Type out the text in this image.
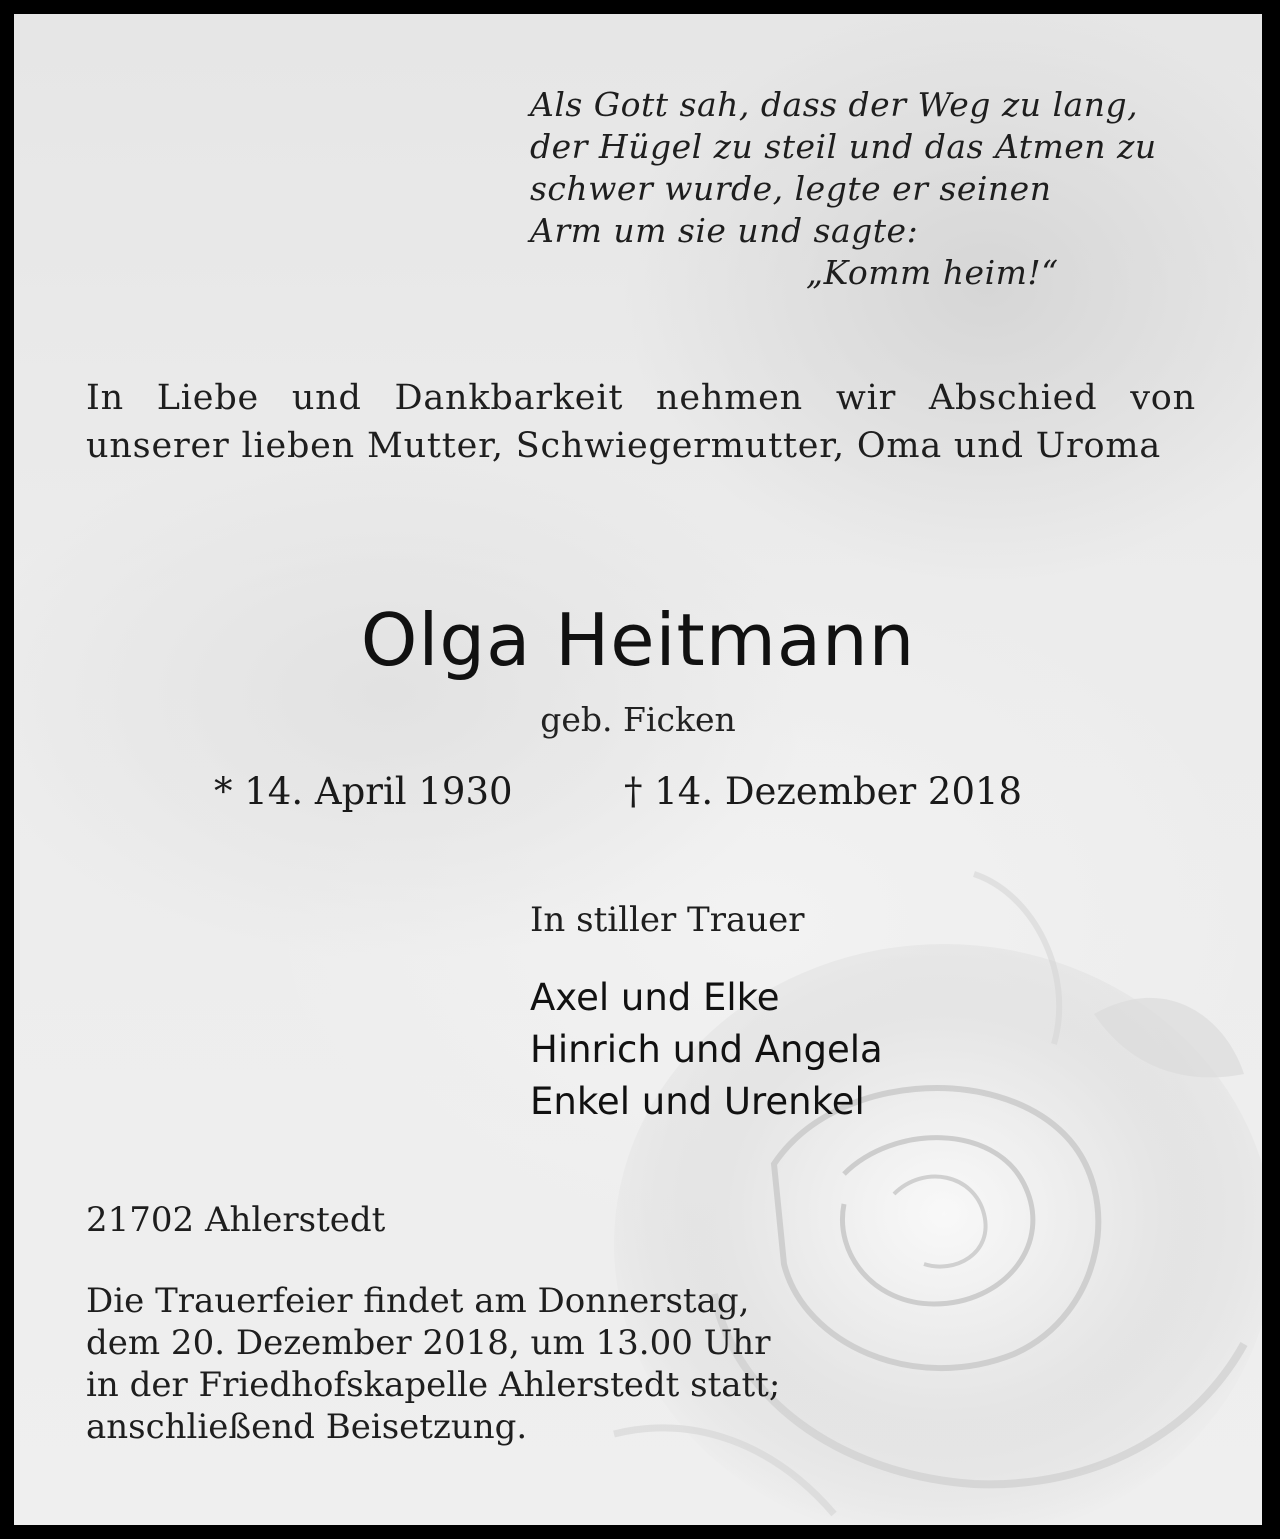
Als Gott sah, dass der Weg zu lang,
der Hügel zu steil und das Atmen zu
schwer wurde, legte er seinen
Arm um sie und sagte:
„Komm heim!“
In Liebe und Dankbarkeit nehmen wir Abschied von unserer lieben Mutter, Schwiegermutter, Oma und Uroma
Olga Heitmann
geb. Ficken
* 14. April 1930	† 14. Dezember 2018
In stiller Trauer
Axel und Elke
Hinrich und Angela
Enkel und Urenkel
21702 Ahlerstedt
Die Trauerfeier findet am Donnerstag,
dem 20. Dezember 2018, um 13.00 Uhr
in der Friedhofskapelle Ahlerstedt statt;
anschließend Beisetzung.
